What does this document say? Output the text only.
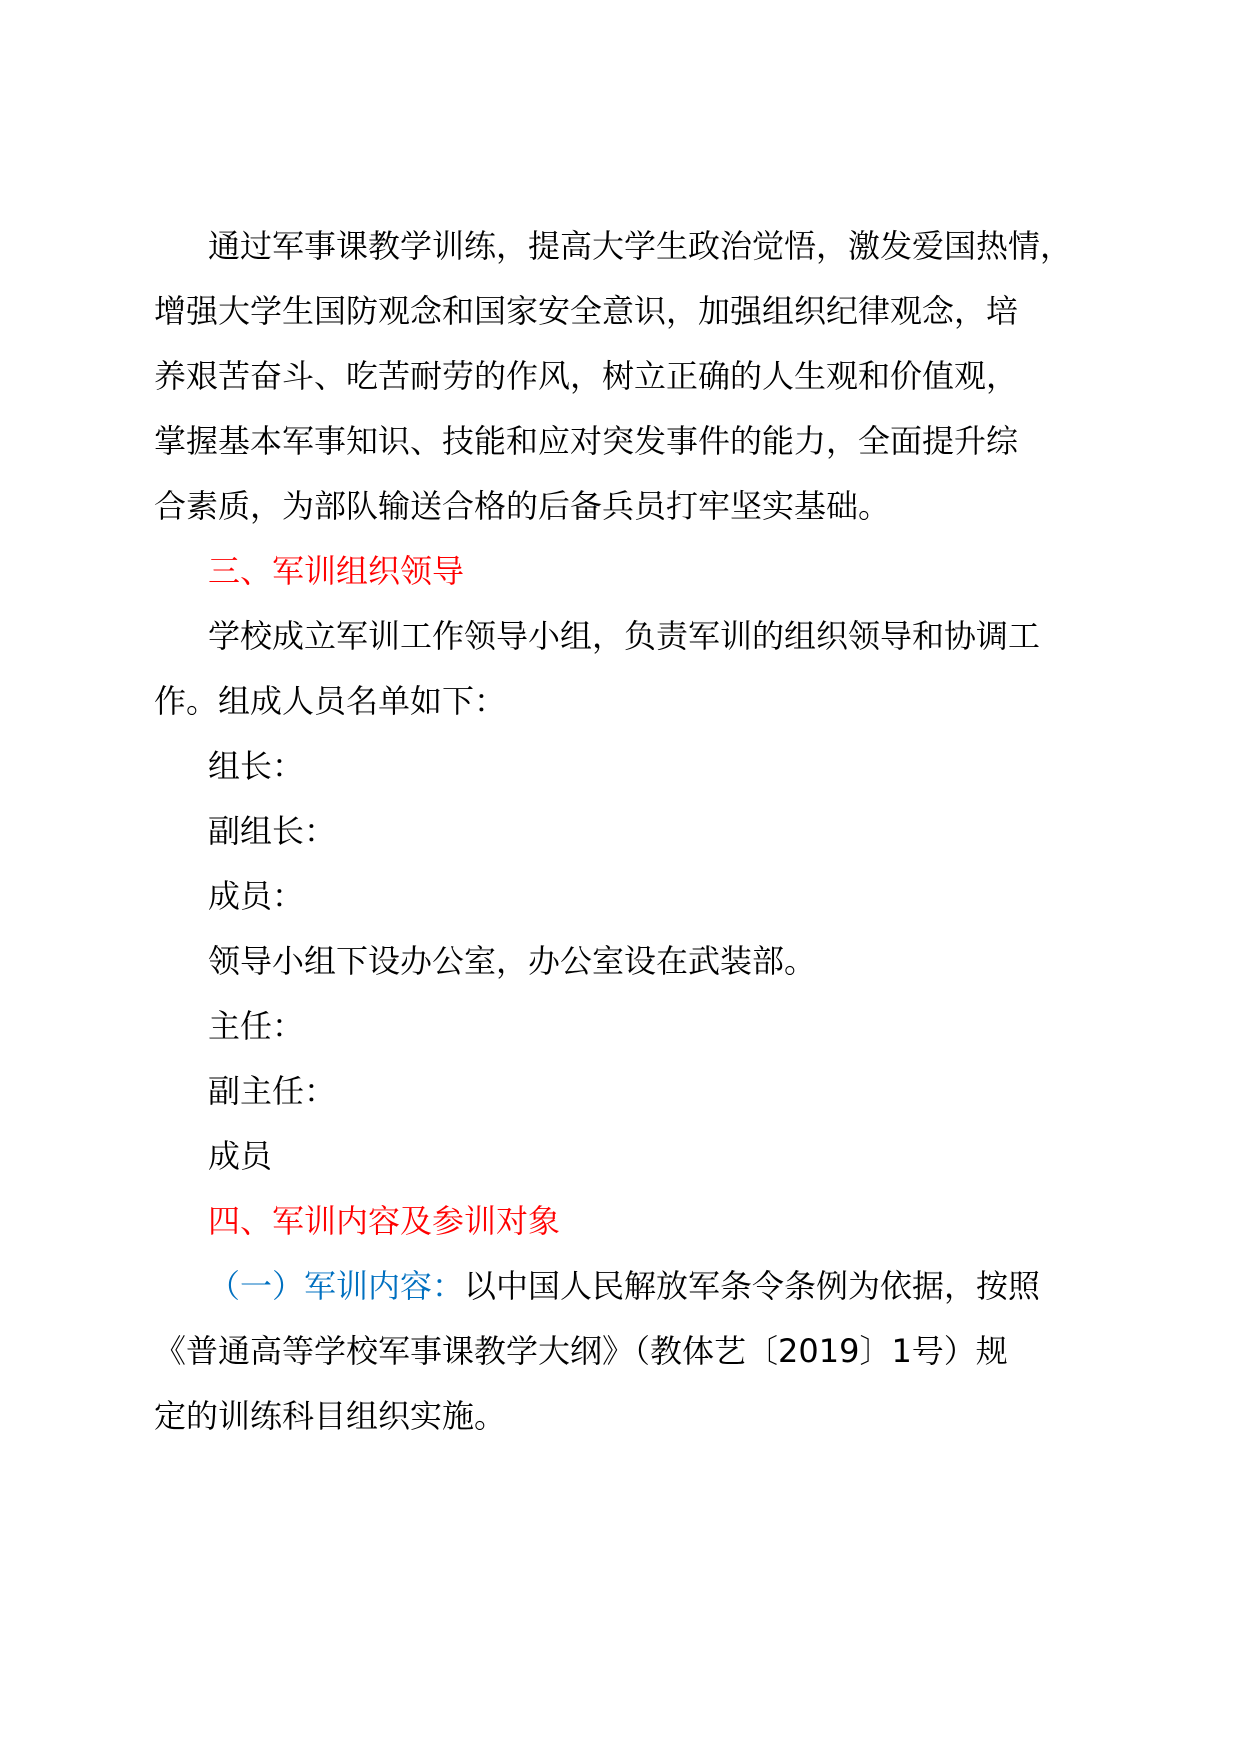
通过军事课教学训练，提高大学生政治觉悟，激发爱国热情，
增强大学生国防观念和国家安全意识，加强组织纪律观念，培
养艰苦奋斗、吃苦耐劳的作风，树立正确的人生观和价值观，
掌握基本军事知识、技能和应对突发事件的能力，全面提升综
合素质，为部队输送合格的后备兵员打牢坚实基础。

三、军训组织领导

学校成立军训工作领导小组，负责军训的组织领导和协调工
作。组成人员名单如下：

组长：

副组长：

成员：

领导小组下设办公室，办公室设在武装部。

主任：

副主任：

成员

四、军训内容及参训对象

（一）军训内容：以中国人民解放军条令条例为依据，按照
《普通高等学校军事课教学大纲》（教体艺〔2019〕1号）规
定的训练科目组织实施。
